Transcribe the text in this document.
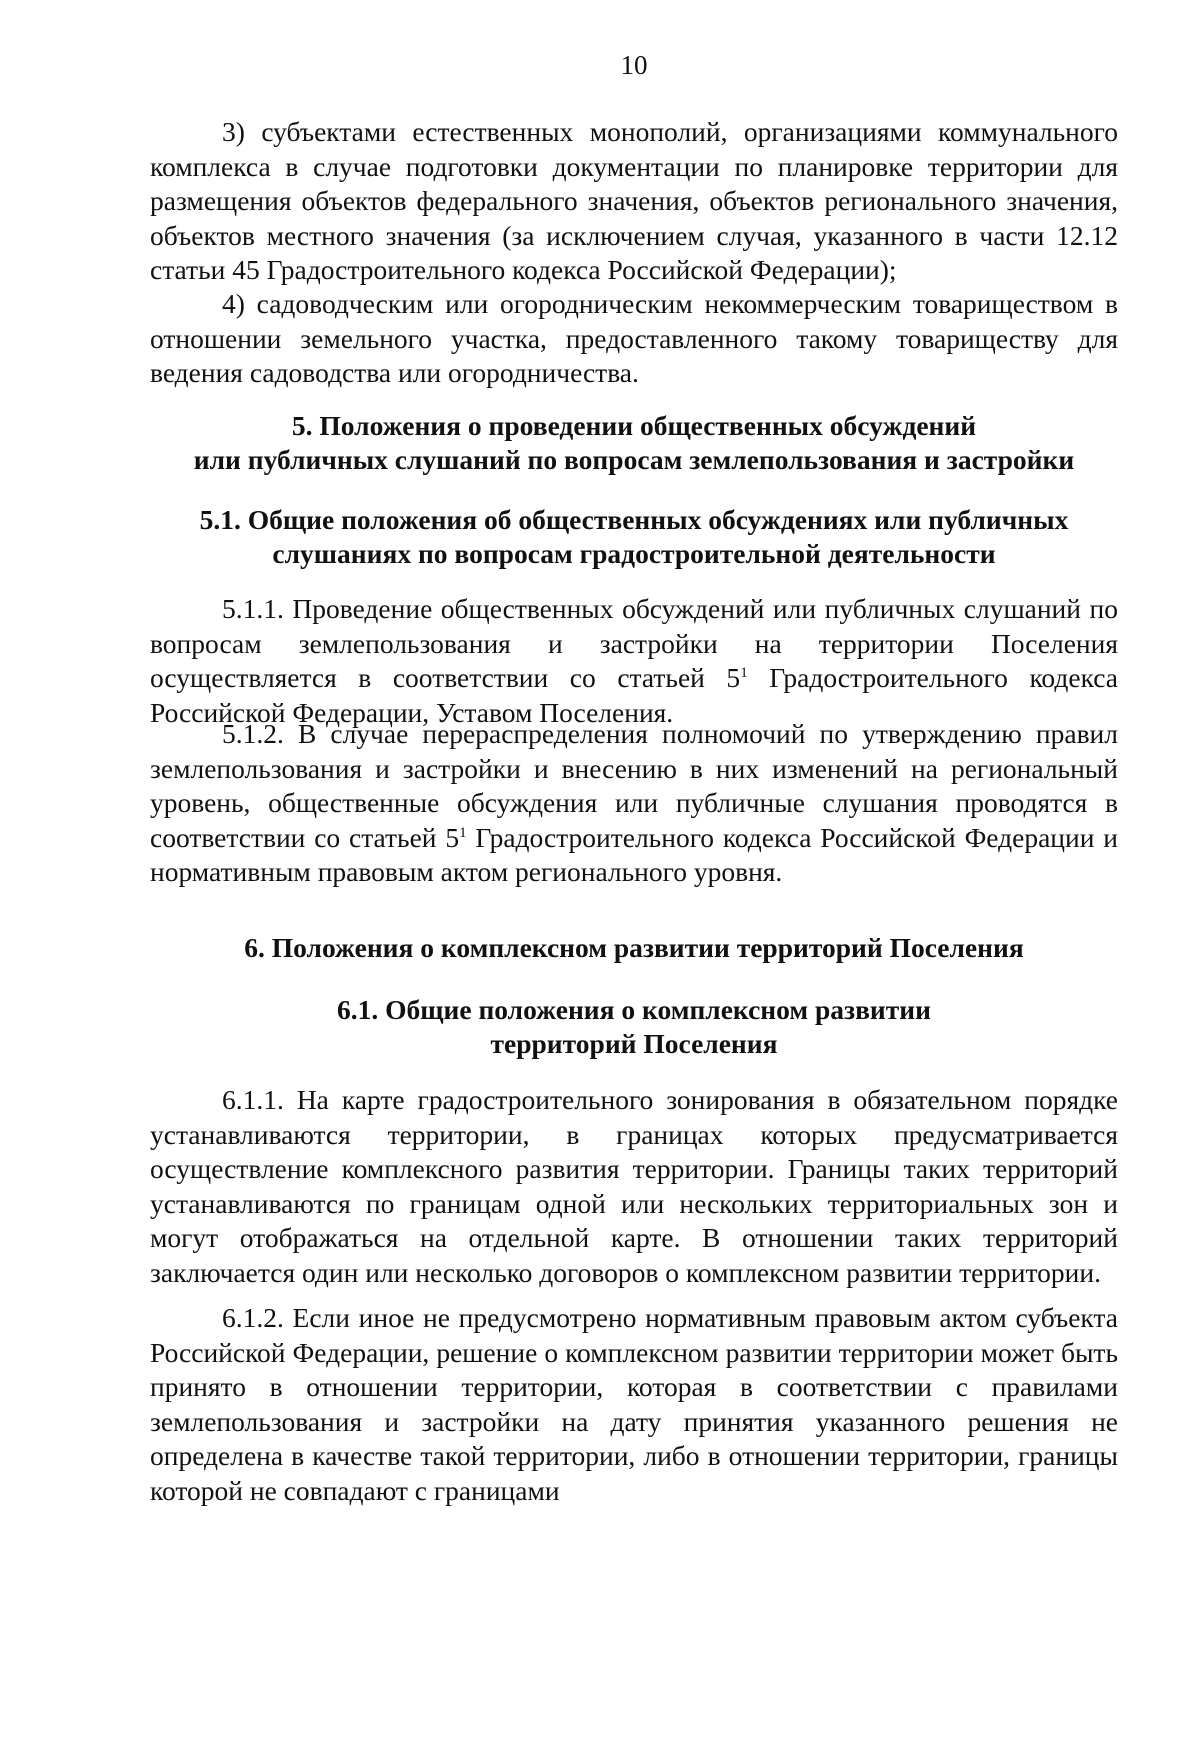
10

3) субъектами естественных монополий, организациями коммунального комплекса в случае подготовки документации по планировке территории для размещения объектов федерального значения, объектов регионального значения, объектов местного значения (за исключением случая, указанного в части 12.12 статьи 45 Градостроительного кодекса Российской Федерации);

4) садоводческим или огородническим некоммерческим товариществом в отношении земельного участка, предоставленного такому товариществу для ведения садоводства или огородничества.

5. Положения о проведении общественных обсуждений
или публичных слушаний по вопросам землепользования и застройки
5.1. Общие положения об общественных обсуждениях или публичных
слушаниях по вопросам градостроительной деятельности

5.1.1. Проведение общественных обсуждений или публичных слушаний по вопросам землепользования и застройки на территории Поселения осуществляется в соответствии со статьей $5^1$ Градостроительного кодекса Российской Федерации, Уставом Поселения.

5.1.2. В случае перераспределения полномочий по утверждению правил землепользования и застройки и внесению в них изменений на региональный уровень, общественные обсуждения или публичные слушания проводятся в соответствии со статьей $5^1$ Градостроительного кодекса Российской Федерации и нормативным правовым актом регионального уровня.

6. Положения о комплексном развитии территорий Поселения
6.1. Общие положения о комплексном развитии
территорий Поселения

6.1.1. На карте градостроительного зонирования в обязательном порядке устанавливаются территории, в границах которых предусматривается осуществление комплексного развития территории. Границы таких территорий устанавливаются по границам одной или нескольких территориальных зон и могут отображаться на отдельной карте. В отношении таких территорий заключается один или несколько договоров о комплексном развитии территории.

6.1.2. Если иное не предусмотрено нормативным правовым актом субъекта Российской Федерации, решение о комплексном развитии территории может быть принято в отношении территории, которая в соответствии с правилами землепользования и застройки на дату принятия указанного решения не определена в качестве такой территории, либо в отношении территории, границы которой не совпадают с границами
